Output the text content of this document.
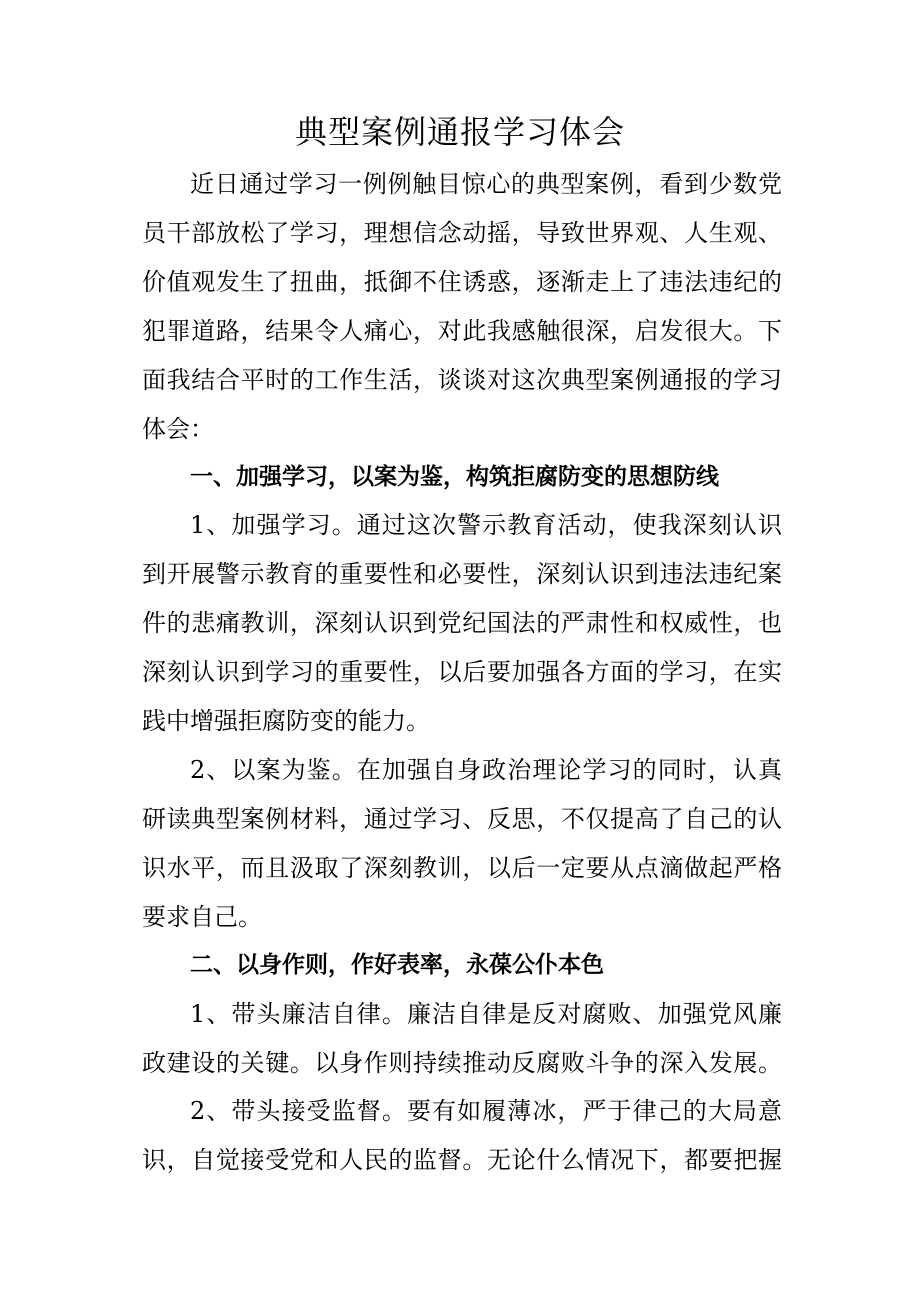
典型案例通报学习体会
近日通过学习一例例触目惊心的典型案例，看到少数党
员干部放松了学习，理想信念动摇，导致世界观、人生观、
价值观发生了扭曲，抵御不住诱惑，逐渐走上了违法违纪的
犯罪道路，结果令人痛心，对此我感触很深，启发很大。下
面我结合平时的工作生活，谈谈对这次典型案例通报的学习
体会：
一、加强学习，以案为鉴，构筑拒腐防变的思想防线
1、加强学习。通过这次警示教育活动，使我深刻认识
到开展警示教育的重要性和必要性，深刻认识到违法违纪案
件的悲痛教训，深刻认识到党纪国法的严肃性和权威性，也
深刻认识到学习的重要性，以后要加强各方面的学习，在实
践中增强拒腐防变的能力。
2、以案为鉴。在加强自身政治理论学习的同时，认真
研读典型案例材料，通过学习、反思，不仅提高了自己的认
识水平，而且汲取了深刻教训，以后一定要从点滴做起严格
要求自己。
二、以身作则，作好表率，永葆公仆本色
1、带头廉洁自律。廉洁自律是反对腐败、加强党风廉
政建设的关键。以身作则持续推动反腐败斗争的深入发展。
2、带头接受监督。要有如履薄冰，严于律己的大局意
识，自觉接受党和人民的监督。无论什么情况下，都要把握
